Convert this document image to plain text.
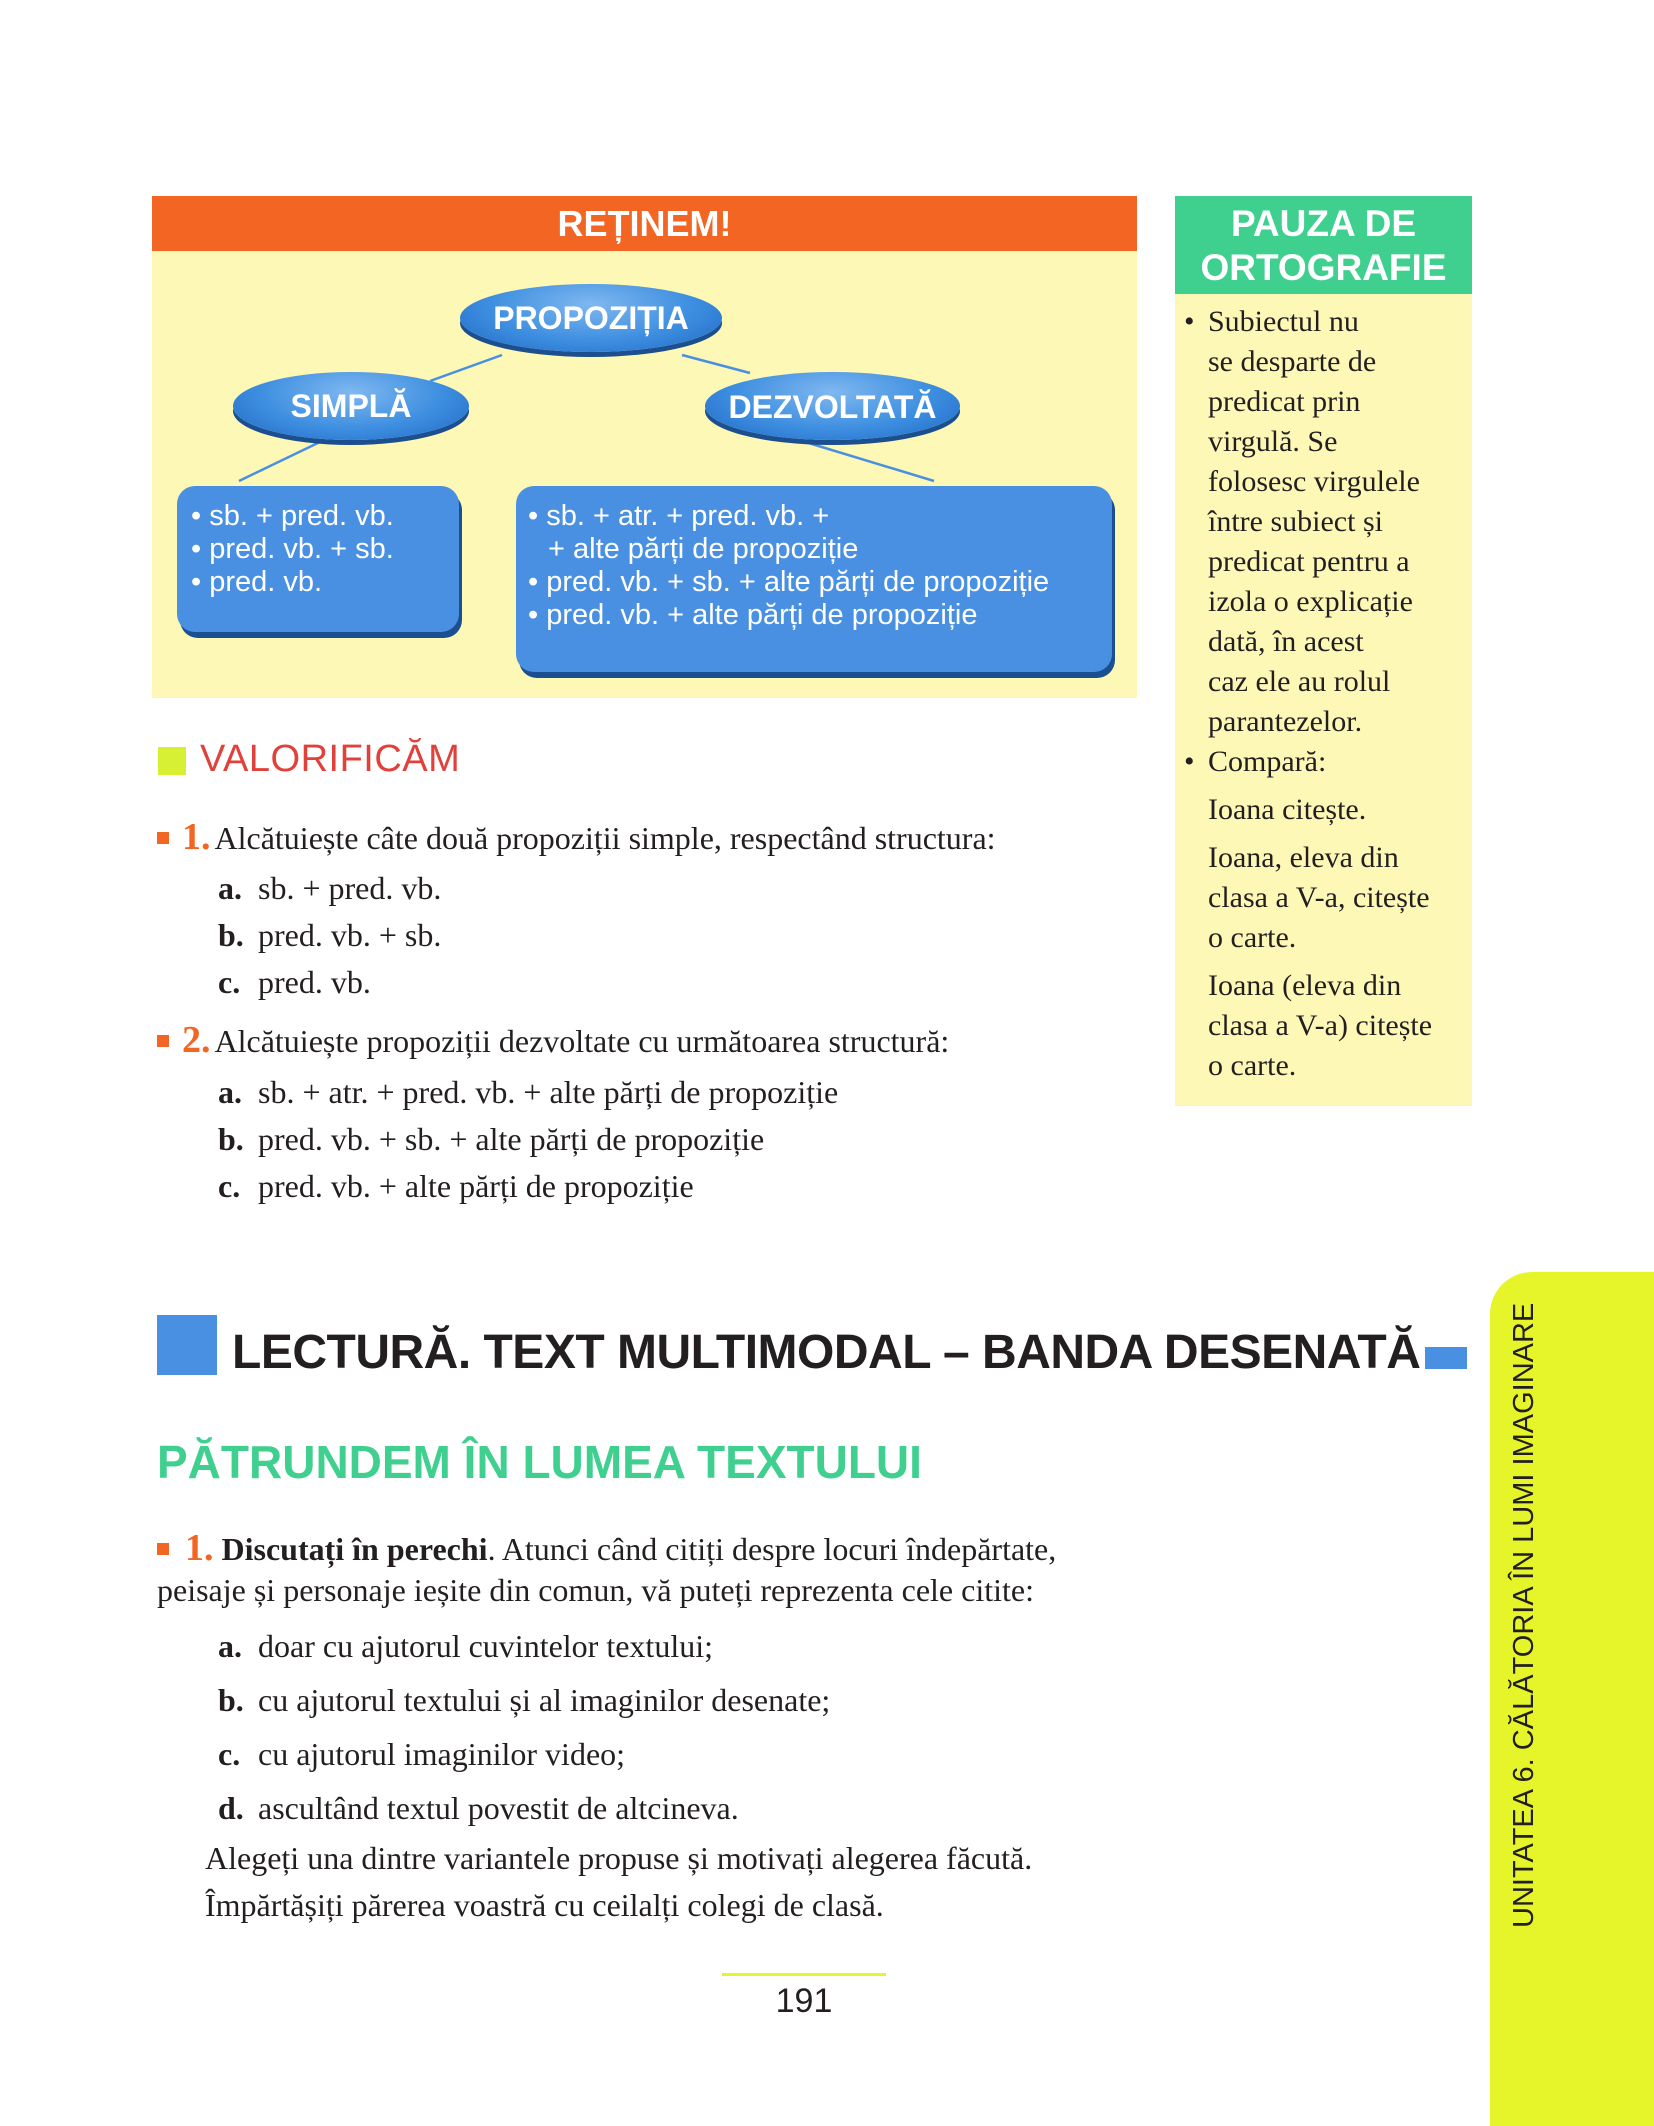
REȚINEM!
PROPOZIȚIA
SIMPLĂ	DEZVOLTATĂ
• sb. + pred. vb.
• pred. vb. + sb.
• pred. vb.
• sb. + atr. + pred. vb. +
+ alte părți de propoziție
• pred. vb. + sb. + alte părți de propoziție
• pred. vb. + alte părți de propoziție
PAUZA DE
ORTOGRAFIE
• Subiectul nu
se desparte de
predicat prin
virgulă. Se
folosesc virgulele
între subiect și
predicat pentru a
izola o explicație
dată, în acest
caz ele au rolul
parantezelor.
• Compară:
Ioana citește.
Ioana, eleva din
clasa a V-a, citește
o carte.
Ioana (eleva din
clasa a V-a) citește
o carte.
VALORIFICĂM
1. Alcătuiește câte două propoziții simple, respectând structura:
a. sb. + pred. vb.
b. pred. vb. + sb.
c. pred. vb.
2. Alcătuiește propoziții dezvoltate cu următoarea structură:
a. sb. + atr. + pred. vb. + alte părți de propoziție
b. pred. vb. + sb. + alte părți de propoziție
c. pred. vb. + alte părți de propoziție
LECTURĂ. TEXT MULTIMODAL – BANDA DESENATĂ
PĂTRUNDEM ÎN LUMEA TEXTULUI
1. Discutați în perechi. Atunci când citiți despre locuri îndepărtate,
peisaje și personaje ieșite din comun, vă puteți reprezenta cele citite:
a. doar cu ajutorul cuvintelor textului;
b. cu ajutorul textului și al imaginilor desenate;
c. cu ajutorul imaginilor video;
d. ascultând textul povestit de altcineva.
Alegeți una dintre variantele propuse și motivați alegerea făcută.
Împărtășiți părerea voastră cu ceilalți colegi de clasă.	UNITATEA 6. CĂLĂTORIA ÎN LUMI IMAGINARE
191
